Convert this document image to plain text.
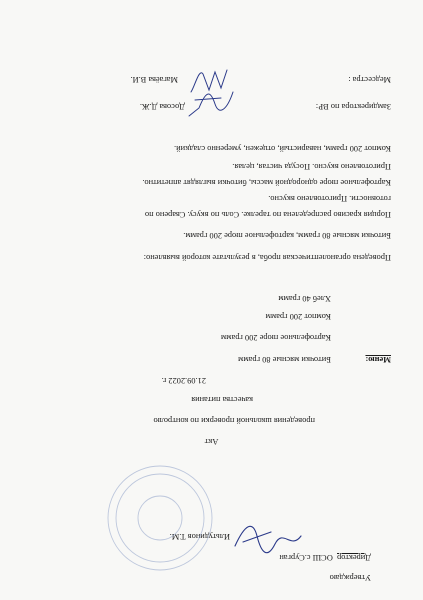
Утверждаю
Директор  ОСШ с.Сурган
Ильтудинов Т.М.
Акт
проведения школьной проверки по контролю
качества питания
21.09.2022 г.
Меню:
Биточки мясные 80 грамм
Картофельное пюре 200 грамм
Компот 200 грамм
Хлеб 40 грамм
Проведена органолептическая проба, в результате которой выявлено:
Биточки мясные 80 грамм, картофельное пюре 200 грамм.
Порция красиво распределена по тарелке. Соль по вкусу. Сварено по
готовности. Приготовлено вкусно.
Картофельное пюре однородной массы, биточки выглядят аппетитно.
Приготовлено вкусно. Посуда чистая, целая.
Компот 200 грамм, наваристый, отцежен, умеренно сладкий.
Замдиректора по ВР:
Досова Д.Ж.
Медсестра :
Магаёва В.И.
